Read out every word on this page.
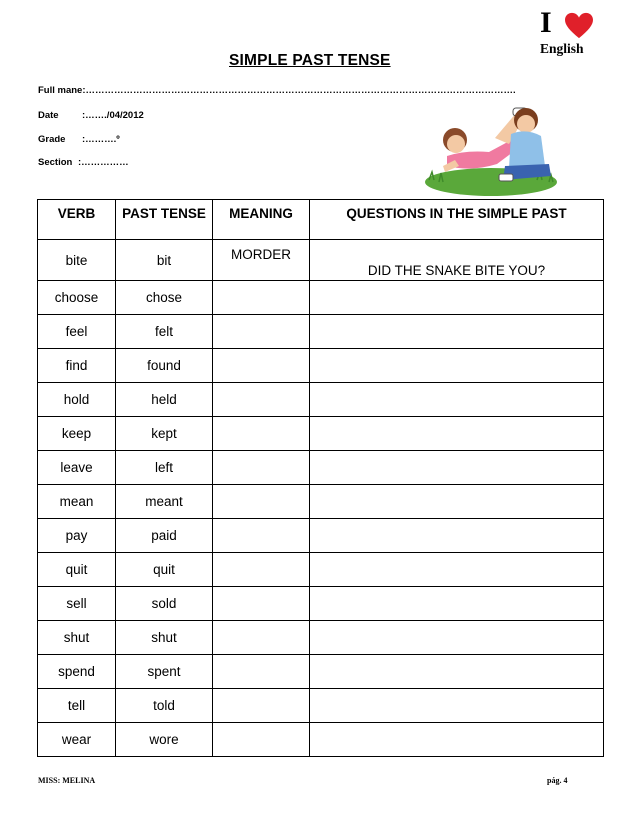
SIMPLE PAST TENSE
I
English
Full mane:……………………………………………………………………………………………………………………….
Date :……./04/2012
Grade :……….º
Section :……………
VERB	PAST TENSE	MEANING	QUESTIONS IN THE SIMPLE PAST
bite	bit	MORDER	DID THE SNAKE BITE YOU?
choose	chose		
feel	felt		
find	found		
hold	held		
keep	kept		
leave	left		
mean	meant		
pay	paid		
quit	quit		
sell	sold		
shut	shut		
spend	spent		
tell	told		
wear	wore		
MISS: MELINA	pág. 4
